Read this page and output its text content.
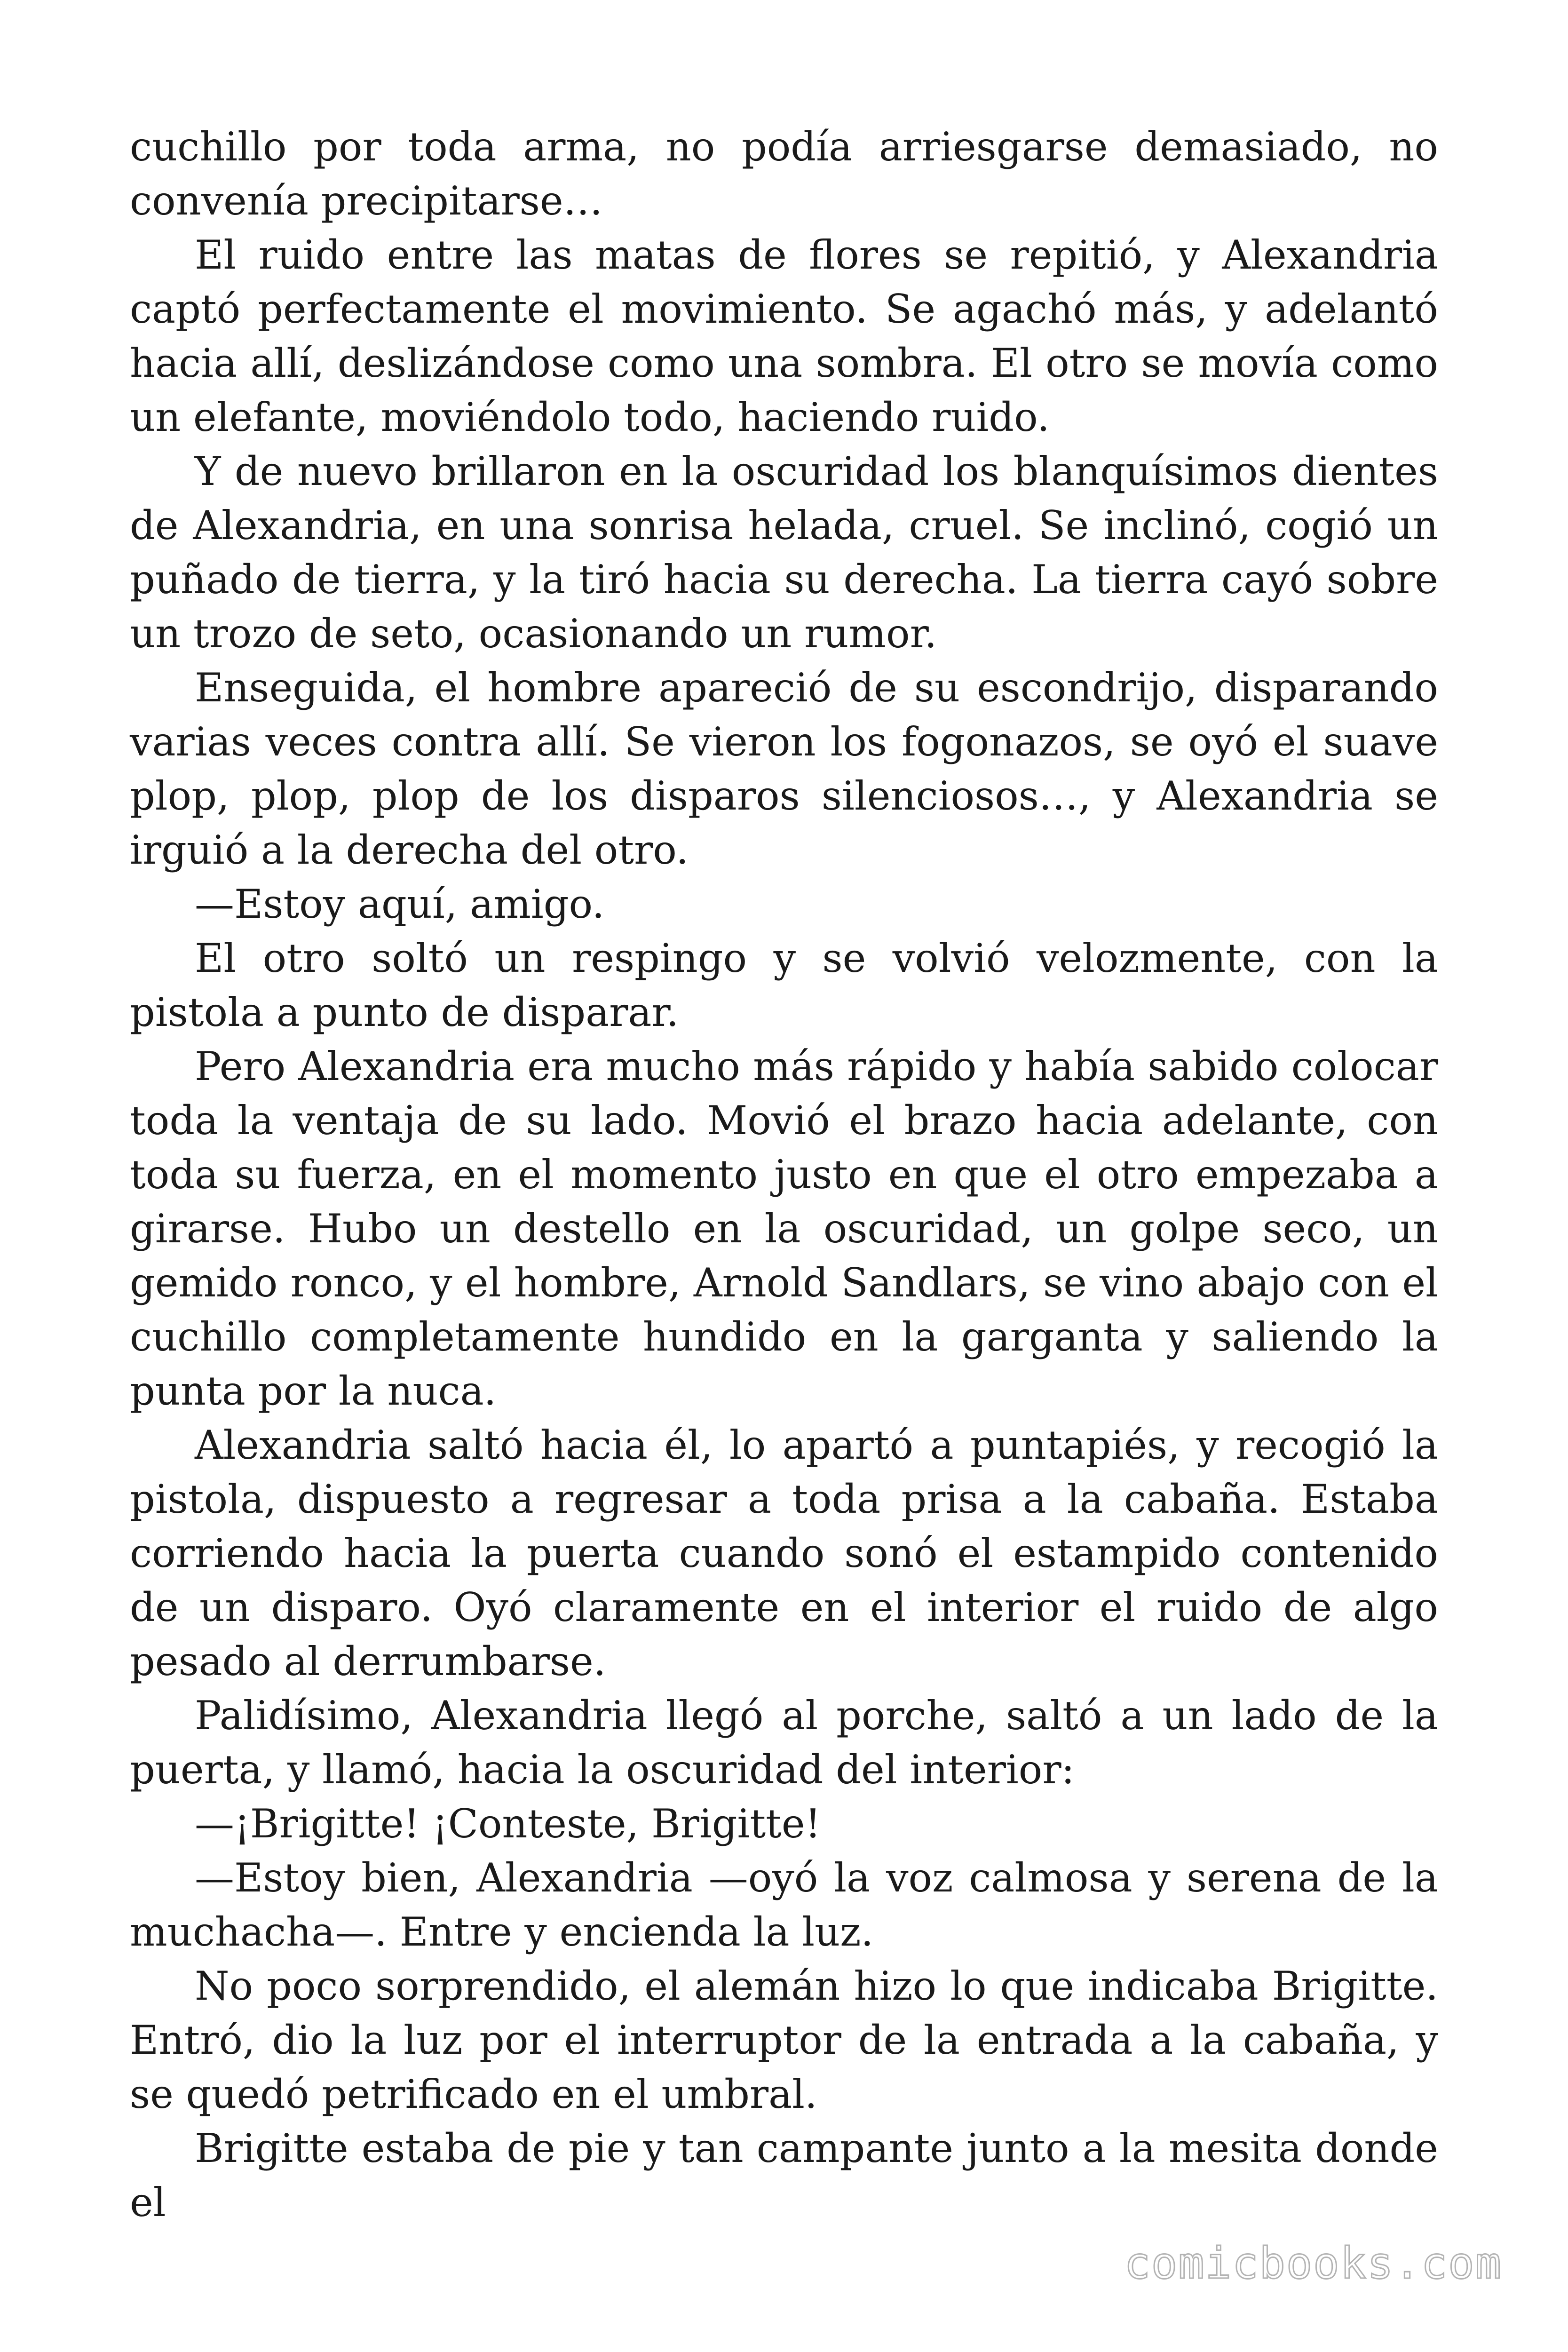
cuchillo por toda arma, no podía arriesgarse demasiado, no convenía precipitarse…

El ruido entre las matas de flores se repitió, y Alexandria captó perfectamente el movimiento. Se agachó más, y adelantó hacia allí, deslizándose como una sombra. El otro se movía como un elefante, moviéndolo todo, haciendo ruido.

Y de nuevo brillaron en la oscuridad los blanquísimos dientes de Alexandria, en una sonrisa helada, cruel. Se inclinó, cogió un puñado de tierra, y la tiró hacia su derecha. La tierra cayó sobre un trozo de seto, ocasionando un rumor.

Enseguida, el hombre apareció de su escondrijo, disparando varias veces contra allí. Se vieron los fogonazos, se oyó el suave plop, plop, plop de los disparos silenciosos…, y Alexandria se irguió a la derecha del otro.

—Estoy aquí, amigo.

El otro soltó un respingo y se volvió velozmente, con la pistola a punto de disparar.

Pero Alexandria era mucho más rápido y había sabido colocar toda la ventaja de su lado. Movió el brazo hacia adelante, con toda su fuerza, en el momento justo en que el otro empezaba a girarse. Hubo un destello en la oscuridad, un golpe seco, un gemido ronco, y el hombre, Arnold Sandlars, se vino abajo con el cuchillo completamente hundido en la garganta y saliendo la punta por la nuca.

Alexandria saltó hacia él, lo apartó a puntapiés, y recogió la pistola, dispuesto a regresar a toda prisa a la cabaña. Estaba corriendo hacia la puerta cuando sonó el estampido contenido de un disparo. Oyó claramente en el interior el ruido de algo pesado al derrumbarse.

Palidísimo, Alexandria llegó al porche, saltó a un lado de la puerta, y llamó, hacia la oscuridad del interior:

—¡Brigitte! ¡Conteste, Brigitte!

—Estoy bien, Alexandria —oyó la voz calmosa y serena de la muchacha—. Entre y encienda la luz.

No poco sorprendido, el alemán hizo lo que indicaba Brigitte. Entró, dio la luz por el interruptor de la entrada a la cabaña, y se quedó petrificado en el umbral.

Brigitte estaba de pie y tan campante junto a la mesita donde el

comicbooks.com
